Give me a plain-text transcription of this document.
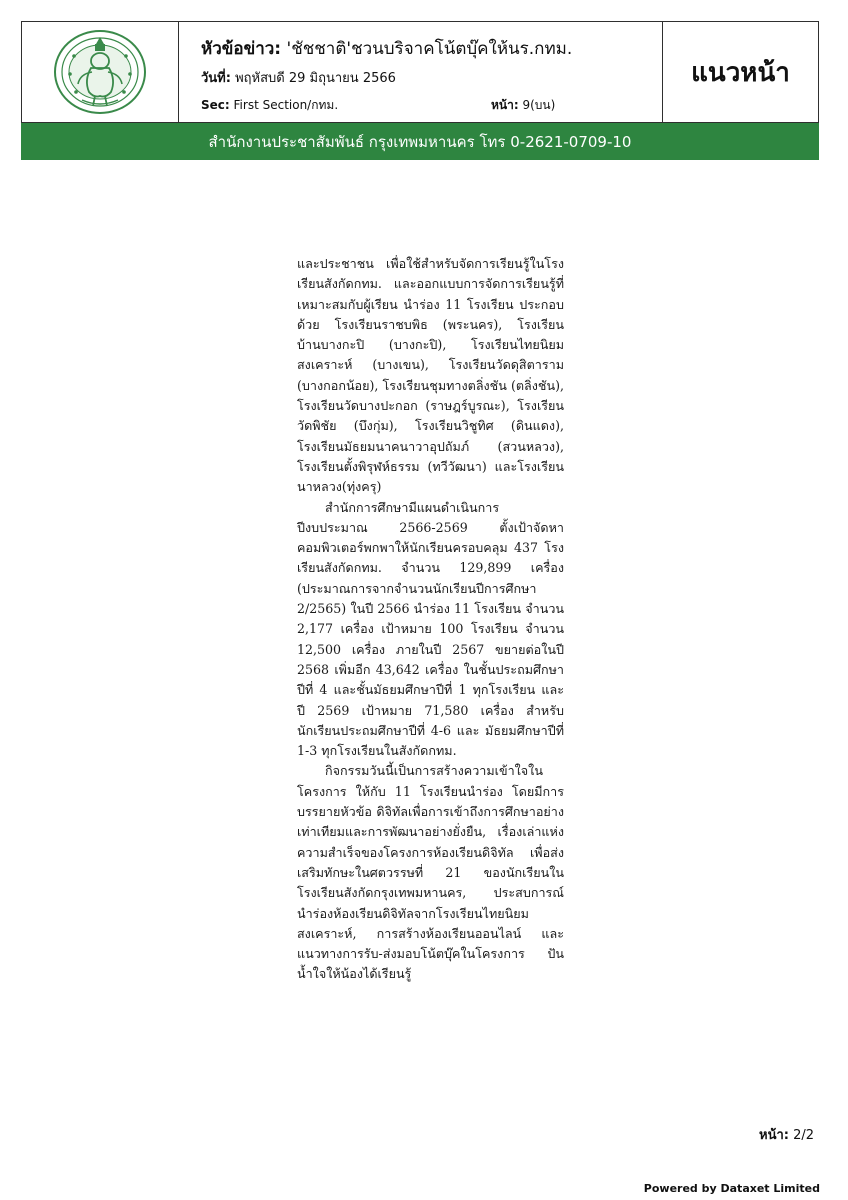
หัวข้อข่าว: 'ชัชชาติ'ชวนบริจาคโน้ตบุ๊คให้นร.กทม.
วันที่: พฤหัสบดี 29 มิถุนายน 2566
Sec: First Section/กทม.	หน้า: 9(บน)
แนวหน้า
สำนักงานประชาสัมพันธ์ กรุงเทพมหานคร โทร 0-2621-0709-10

และประชาชน เพื่อใช้สำหรับจัดการเรียนรู้ในโรงเรียนสังกัดกทม. และออกแบบการจัดการเรียนรู้ที่เหมาะสมกับผู้เรียน นำร่อง 11 โรงเรียน ประกอบด้วย โรงเรียนราชบพิธ (พระนคร), โรงเรียนบ้านบางกะปิ (บางกะปิ), โรงเรียนไทยนิยมสงเคราะห์ (บางเขน), โรงเรียนวัดดุสิตาราม (บางกอกน้อย), โรงเรียนชุมทางตลิ่งชัน (ตลิ่งชัน), โรงเรียนวัดบางปะกอก (ราษฎร์บูรณะ), โรงเรียนวัดพิชัย (บึงกุ่ม), โรงเรียนวิชูทิศ (ดินแดง), โรงเรียนมัธยมนาคนาวาอุปถัมภ์ (สวนหลวง), โรงเรียนตั้งพิรุฬห์ธรรม (ทวีวัฒนา) และโรงเรียนนาหลวง(ทุ่งครุ)

สำนักการศึกษามีแผนดำเนินการ ปีงบประมาณ 2566-2569 ตั้งเป้าจัดหาคอมพิวเตอร์พกพาให้นักเรียนครอบคลุม 437 โรงเรียนสังกัดกทม. จำนวน 129,899 เครื่อง (ประมาณการจากจำนวนนักเรียนปีการศึกษา 2/2565) ในปี 2566 นำร่อง 11 โรงเรียน จำนวน 2,177 เครื่อง เป้าหมาย 100 โรงเรียน จำนวน 12,500 เครื่อง ภายในปี 2567 ขยายต่อในปี 2568 เพิ่มอีก 43,642 เครื่อง ในชั้นประถมศึกษาปีที่ 4 และชั้นมัธยมศึกษาปีที่ 1 ทุกโรงเรียน และ ปี 2569 เป้าหมาย 71,580 เครื่อง สำหรับนักเรียนประถมศึกษาปีที่ 4-6 และ มัธยมศึกษาปีที่ 1-3 ทุกโรงเรียนในสังกัดกทม.

กิจกรรมวันนี้เป็นการสร้างความเข้าใจในโครงการ ให้กับ 11 โรงเรียนนำร่อง โดยมีการบรรยายหัวข้อ ดิจิทัลเพื่อการเข้าถึงการศึกษาอย่างเท่าเทียมและการพัฒนาอย่างยั่งยืน, เรื่องเล่าแห่งความสำเร็จของโครงการห้องเรียนดิจิทัล เพื่อส่งเสริมทักษะในศตวรรษที่ 21 ของนักเรียนในโรงเรียนสังกัดกรุงเทพมหานคร, ประสบการณ์นำร่องห้องเรียนดิจิทัลจากโรงเรียนไทยนิยมสงเคราะห์, การสร้างห้องเรียนออนไลน์ และแนวทางการรับ-ส่งมอบโน้ตบุ๊คในโครงการ ปันน้ำใจให้น้องได้เรียนรู้

หน้า: 2/2
Powered by Dataxet Limited
